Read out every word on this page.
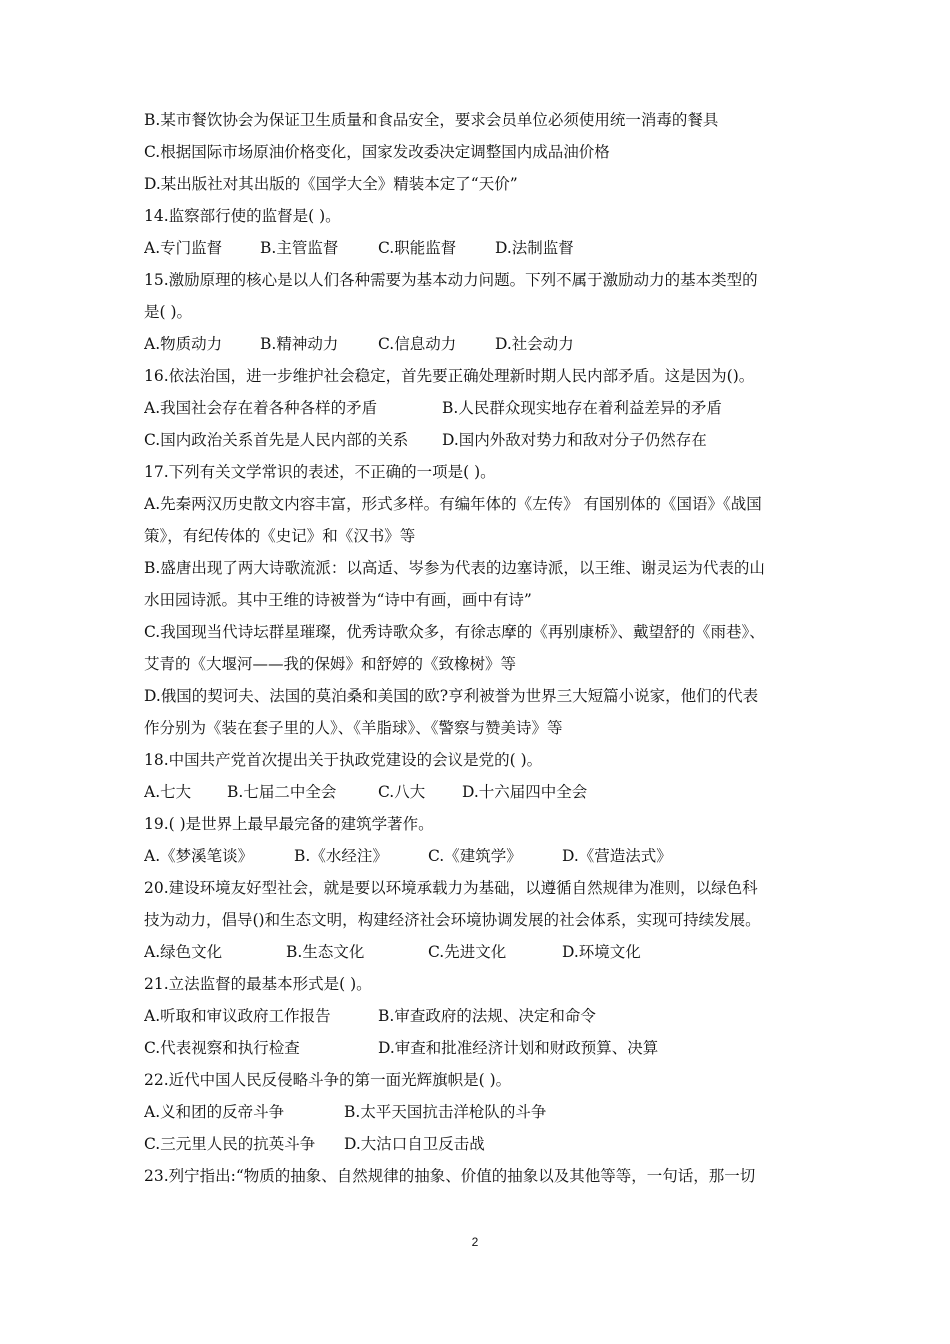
B.某市餐饮协会为保证卫生质量和食品安全，要求会员单位必须使用统一消毒的餐具
C.根据国际市场原油价格变化，国家发改委决定调整国内成品油价格
D.某出版社对其出版的《国学大全》精装本定了“天价”
14.监察部行使的监督是( )。
A.专门监督 B.主管监督	C.职能监督	D.法制监督
15.激励原理的核心是以人们各种需要为基本动力问题。下列不属于激励动力的基本类型的
是( )。
A.物质动力 B.精神动力	C.信息动力	D.社会动力
16.依法治国，进一步维护社会稳定，首先要正确处理新时期人民内部矛盾。这是因为()。
A.我国社会存在着各种各样的矛盾	B.人民群众现实地存在着利益差异的矛盾
C.国内政治关系首先是人民内部的关系 D.国内外敌对势力和敌对分子仍然存在
17.下列有关文学常识的表述，不正确的一项是( )。
A.先秦两汉历史散文内容丰富，形式多样。有编年体的《左传》 有国别体的《国语》《战国
策》，有纪传体的《史记》和《汉书》等
B.盛唐出现了两大诗歌流派：以高适、岑参为代表的边塞诗派，以王维、谢灵运为代表的山
水田园诗派。其中王维的诗被誉为“诗中有画，画中有诗”
C.我国现当代诗坛群星璀璨，优秀诗歌众多，有徐志摩的《再别康桥》、戴望舒的《雨巷》、
艾青的《大堰河——我的保姆》和舒婷的《致橡树》等
D.俄国的契诃夫、法国的莫泊桑和美国的欧?亨利被誉为世界三大短篇小说家，他们的代表
作分别为《装在套子里的人》、《羊脂球》、《警察与赞美诗》等
18.中国共产党首次提出关于执政党建设的会议是党的( )。
A.七大 B.七届二中全会	C.八大 D.十六届四中全会
19.( )是世界上最早最完备的建筑学著作。
A.《梦溪笔谈》	B.《水经注》	C.《建筑学》	D.《营造法式》
20.建设环境友好型社会，就是要以环境承载力为基础，以遵循自然规律为准则，以绿色科
技为动力，倡导()和生态文明，构建经济社会环境协调发展的社会体系，实现可持续发展。
A.绿色文化	B.生态文化	C.先进文化	D.环境文化
21.立法监督的最基本形式是( )。
A.听取和审议政府工作报告	B.审查政府的法规、决定和命令
C.代表视察和执行检查	D.审查和批准经济计划和财政预算、决算
22.近代中国人民反侵略斗争的第一面光辉旗帜是( )。
A.义和团的反帝斗争	B.太平天国抗击洋枪队的斗争
C.三元里人民的抗英斗争 D.大沽口自卫反击战
23.列宁指出:“物质的抽象、自然规律的抽象、价值的抽象以及其他等等，一句话，那一切
2
